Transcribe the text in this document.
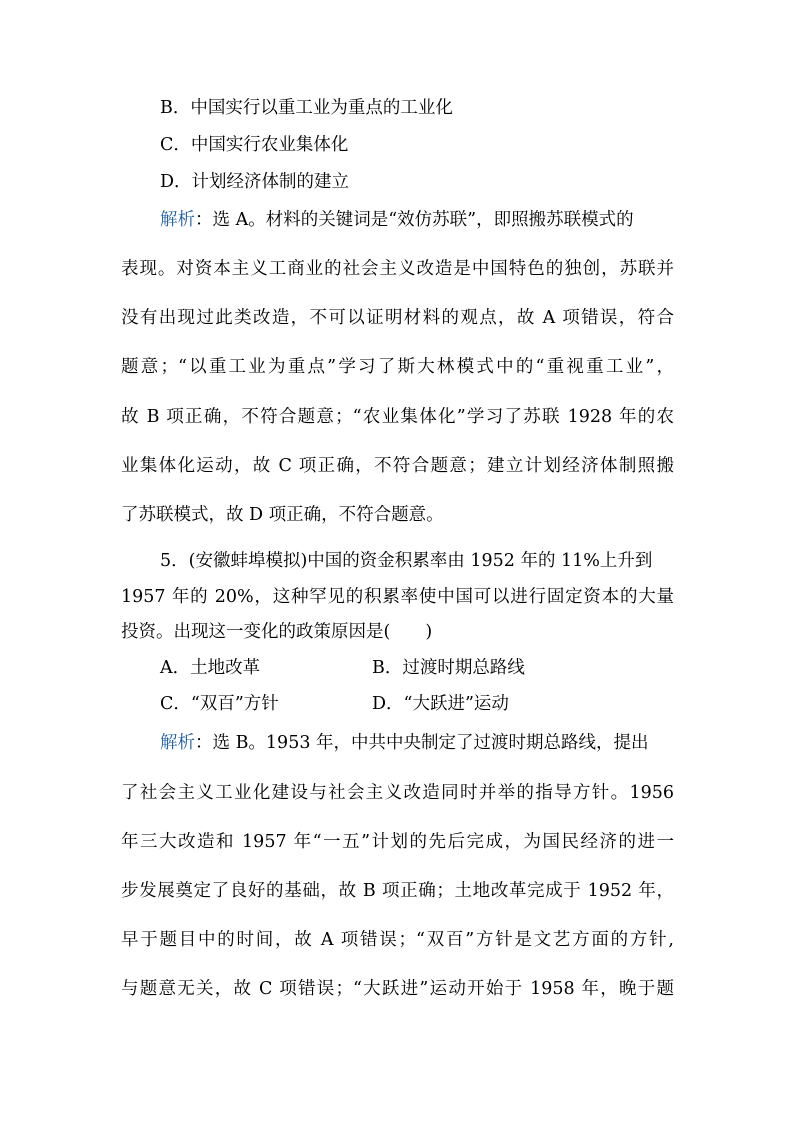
B．中国实行以重工业为重点的工业化
C．中国实行农业集体化
D．计划经济体制的建立
解析：选 A。材料的关键词是“效仿苏联”，即照搬苏联模式的
表现。对资本主义工商业的社会主义改造是中国特色的独创，苏联并
没有出现过此类改造，不可以证明材料的观点，故 A 项错误，符合
题意；“以重工业为重点”学习了斯大林模式中的“重视重工业”，
故 B 项正确，不符合题意；“农业集体化”学习了苏联 1928 年的农
业集体化运动，故 C 项正确，不符合题意；建立计划经济体制照搬
了苏联模式，故 D 项正确，不符合题意。
5．(安徽蚌埠模拟)中国的资金积累率由 1952 年的 11%上升到
1957 年的 20%，这种罕见的积累率使中国可以进行固定资本的大量
投资。出现这一变化的政策原因是(　　)
A．土地改革	B．过渡时期总路线
C．“双百”方针	D．“大跃进”运动
解析：选 B。1953 年，中共中央制定了过渡时期总路线，提出
了社会主义工业化建设与社会主义改造同时并举的指导方针。1956
年三大改造和 1957 年“一五”计划的先后完成，为国民经济的进一
步发展奠定了良好的基础，故 B 项正确；土地改革完成于 1952 年，
早于题目中的时间，故 A 项错误；“双百”方针是文艺方面的方针,
与题意无关，故 C 项错误；“大跃进”运动开始于 1958 年，晚于题
